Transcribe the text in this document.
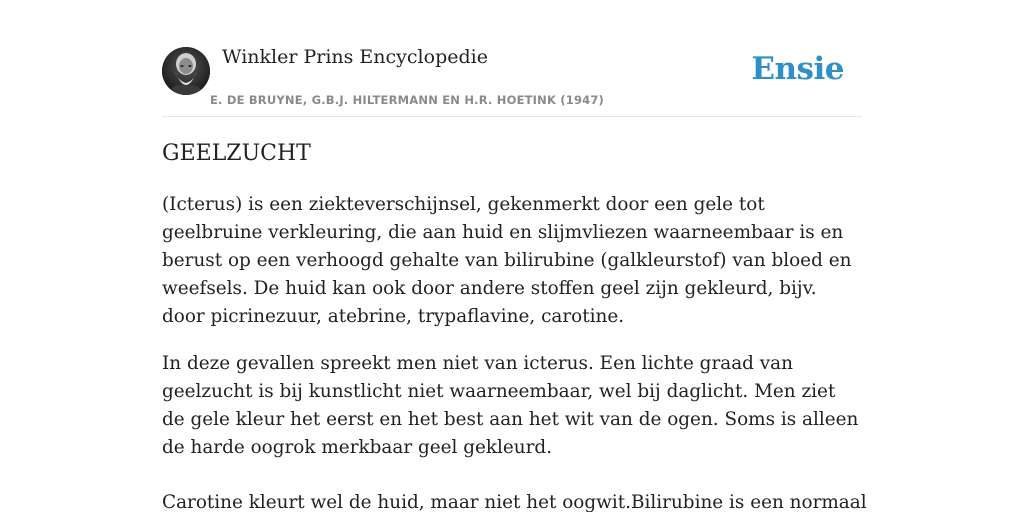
Winkler Prins Encyclopedie
E. DE BRUYNE, G.B.J. HILTERMANN EN H.R. HOETINK (1947)
Ensie
GEELZUCHT

(Icterus) is een ziekteverschijnsel, gekenmerkt door een gele tot geelbruine verkleuring, die aan huid en slijmvliezen waarneembaar is en berust op een verhoogd gehalte van bilirubine (galkleurstof) van bloed en weefsels. De huid kan ook door andere stoffen geel zijn gekleurd, bijv. door picrinezuur, atebrine, trypaflavine, carotine.

In deze gevallen spreekt men niet van icterus. Een lichte graad van geelzucht is bij kunstlicht niet waarneembaar, wel bij daglicht. Men ziet de gele kleur het eerst en het best aan het wit van de ogen. Soms is alleen de harde oogrok merkbaar geel gekleurd.

Carotine kleurt wel de huid, maar niet het oogwit.Bilirubine is een normaal
